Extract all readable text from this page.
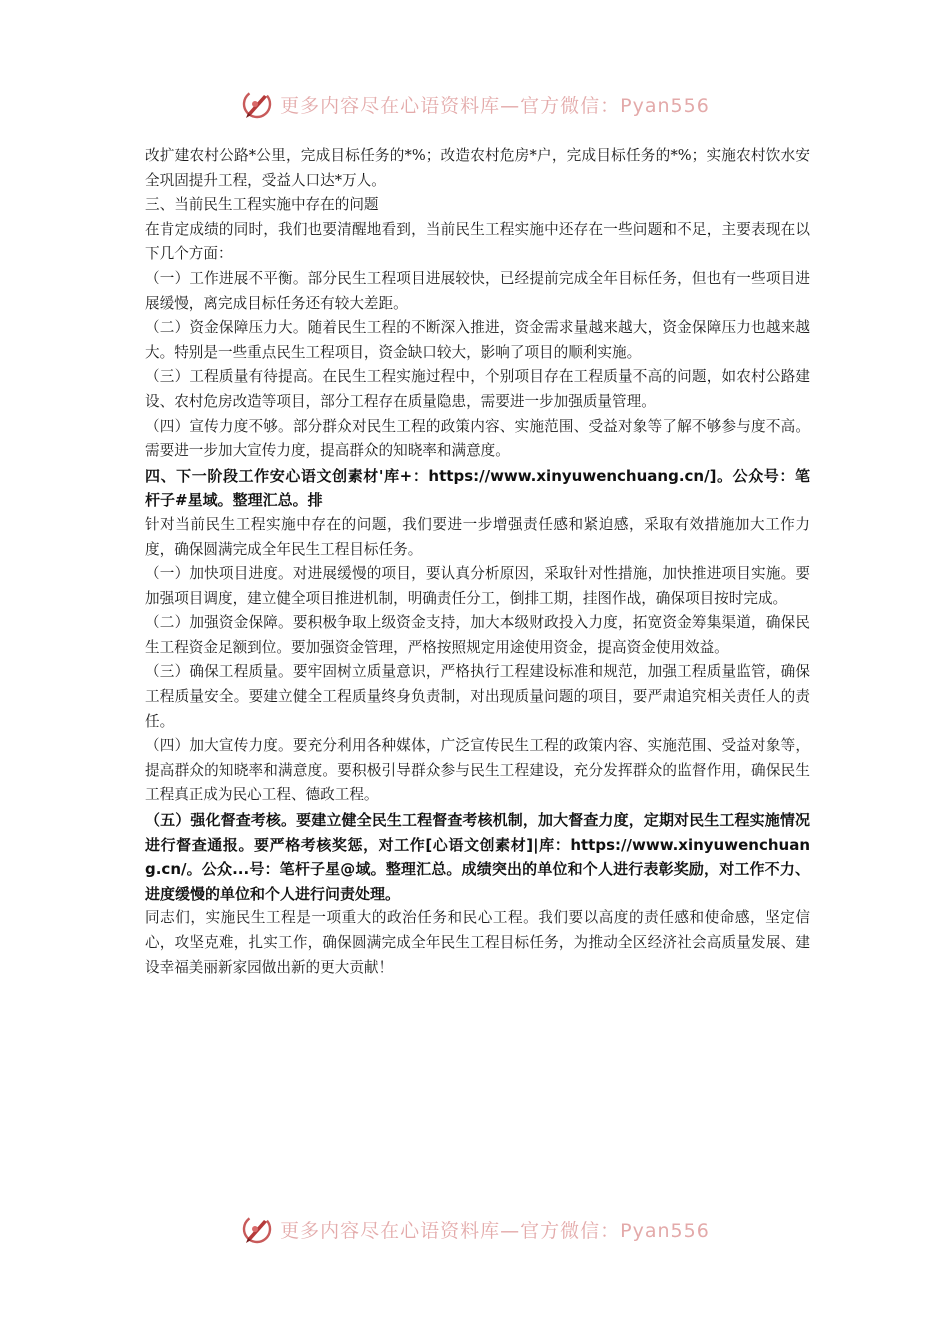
更多内容尽在心语资料库—官方微信：Pyan556

改扩建农村公路*公里，完成目标任务的*%；改造农村危房*户，完成目标任务的*%；实施农村饮水安全巩固提升工程，受益人口达*万人。

三、当前民生工程实施中存在的问题

在肯定成绩的同时，我们也要清醒地看到，当前民生工程实施中还存在一些问题和不足，主要表现在以下几个方面：

（一）工作进展不平衡。部分民生工程项目进展较快，已经提前完成全年目标任务，但也有一些项目进展缓慢，离完成目标任务还有较大差距。

（二）资金保障压力大。随着民生工程的不断深入推进，资金需求量越来越大，资金保障压力也越来越大。特别是一些重点民生工程项目，资金缺口较大，影响了项目的顺利实施。

（三）工程质量有待提高。在民生工程实施过程中，个别项目存在工程质量不高的问题，如农村公路建设、农村危房改造等项目，部分工程存在质量隐患，需要进一步加强质量管理。

（四）宣传力度不够。部分群众对民生工程的政策内容、实施范围、受益对象等了解不够参与度不高。需要进一步加大宣传力度，提高群众的知晓率和满意度。

四、下一阶段工作安心语文创素材'库+：https://www.xinyuwenchuang.cn/]。公众号：笔杆子#星域。整理汇总。排

针对当前民生工程实施中存在的问题，我们要进一步增强责任感和紧迫感，采取有效措施加大工作力度，确保圆满完成全年民生工程目标任务。

（一）加快项目进度。对进展缓慢的项目，要认真分析原因，采取针对性措施，加快推进项目实施。要加强项目调度，建立健全项目推进机制，明确责任分工，倒排工期，挂图作战，确保项目按时完成。

（二）加强资金保障。要积极争取上级资金支持，加大本级财政投入力度，拓宽资金筹集渠道，确保民生工程资金足额到位。要加强资金管理，严格按照规定用途使用资金，提高资金使用效益。

（三）确保工程质量。要牢固树立质量意识，严格执行工程建设标准和规范，加强工程质量监管，确保工程质量安全。要建立健全工程质量终身负责制，对出现质量问题的项目，要严肃追究相关责任人的责任。

（四）加大宣传力度。要充分利用各种媒体，广泛宣传民生工程的政策内容、实施范围、受益对象等，提高群众的知晓率和满意度。要积极引导群众参与民生工程建设，充分发挥群众的监督作用，确保民生工程真正成为民心工程、德政工程。

（五）强化督查考核。要建立健全民生工程督查考核机制，加大督查力度，定期对民生工程实施情况进行督查通报。要严格考核奖惩，对工作[心语文创素材]|库：https://www.xinyuwenchuang.cn/。公众...号：笔杆子星@域。整理汇总。成绩突出的单位和个人进行表彰奖励，对工作不力、进度缓慢的单位和个人进行问责处理。

同志们，实施民生工程是一项重大的政治任务和民心工程。我们要以高度的责任感和使命感，坚定信心，攻坚克难，扎实工作，确保圆满完成全年民生工程目标任务，为推动全区经济社会高质量发展、建设幸福美丽新家园做出新的更大贡献！

更多内容尽在心语资料库—官方微信：Pyan556
